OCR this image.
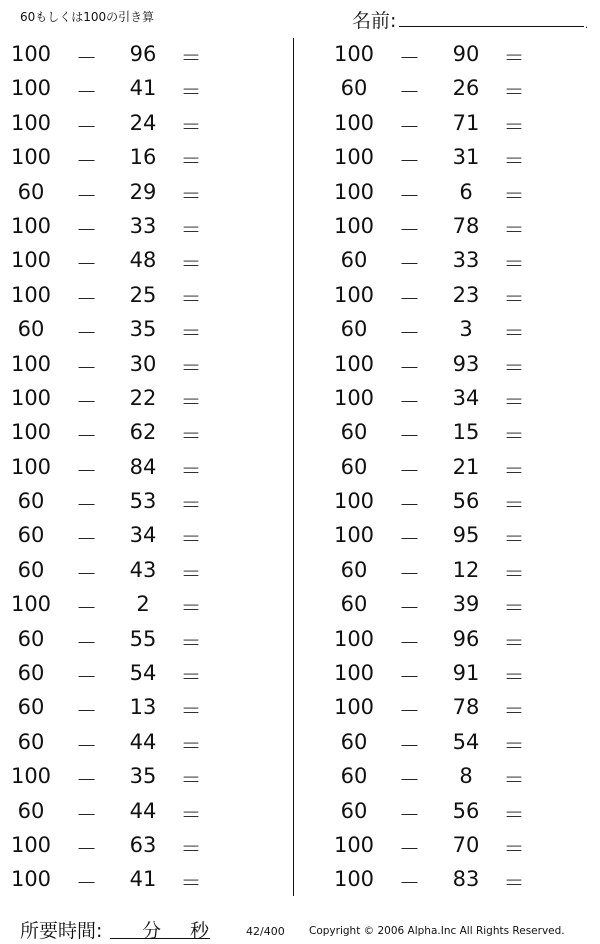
60もしくは100の引き算	名前:	.
100	－	96	＝
100	－	41	＝
100	－	24	＝
100	－	16	＝
60	－	29	＝
100	－	33	＝
100	－	48	＝
100	－	25	＝
60	－	35	＝
100	－	30	＝
100	－	22	＝
100	－	62	＝
100	－	84	＝
60	－	53	＝
60	－	34	＝
60	－	43	＝
100	－	2	＝
60	－	55	＝
60	－	54	＝
60	－	13	＝
60	－	44	＝
100	－	35	＝
60	－	44	＝
100	－	63	＝
100	－	41	＝
100	－	90	＝
60	－	26	＝
100	－	71	＝
100	－	31	＝
100	－	6	＝
100	－	78	＝
60	－	33	＝
100	－	23	＝
60	－	3	＝
100	－	93	＝
100	－	34	＝
60	－	15	＝
60	－	21	＝
100	－	56	＝
100	－	95	＝
60	－	12	＝
60	－	39	＝
100	－	96	＝
100	－	91	＝
100	－	78	＝
60	－	54	＝
60	－	8	＝
60	－	56	＝
100	－	70	＝
100	－	83	＝
所要時間: 分 秒	42/400 Copyright © 2006 Alpha.Inc All Rights Reserved.
